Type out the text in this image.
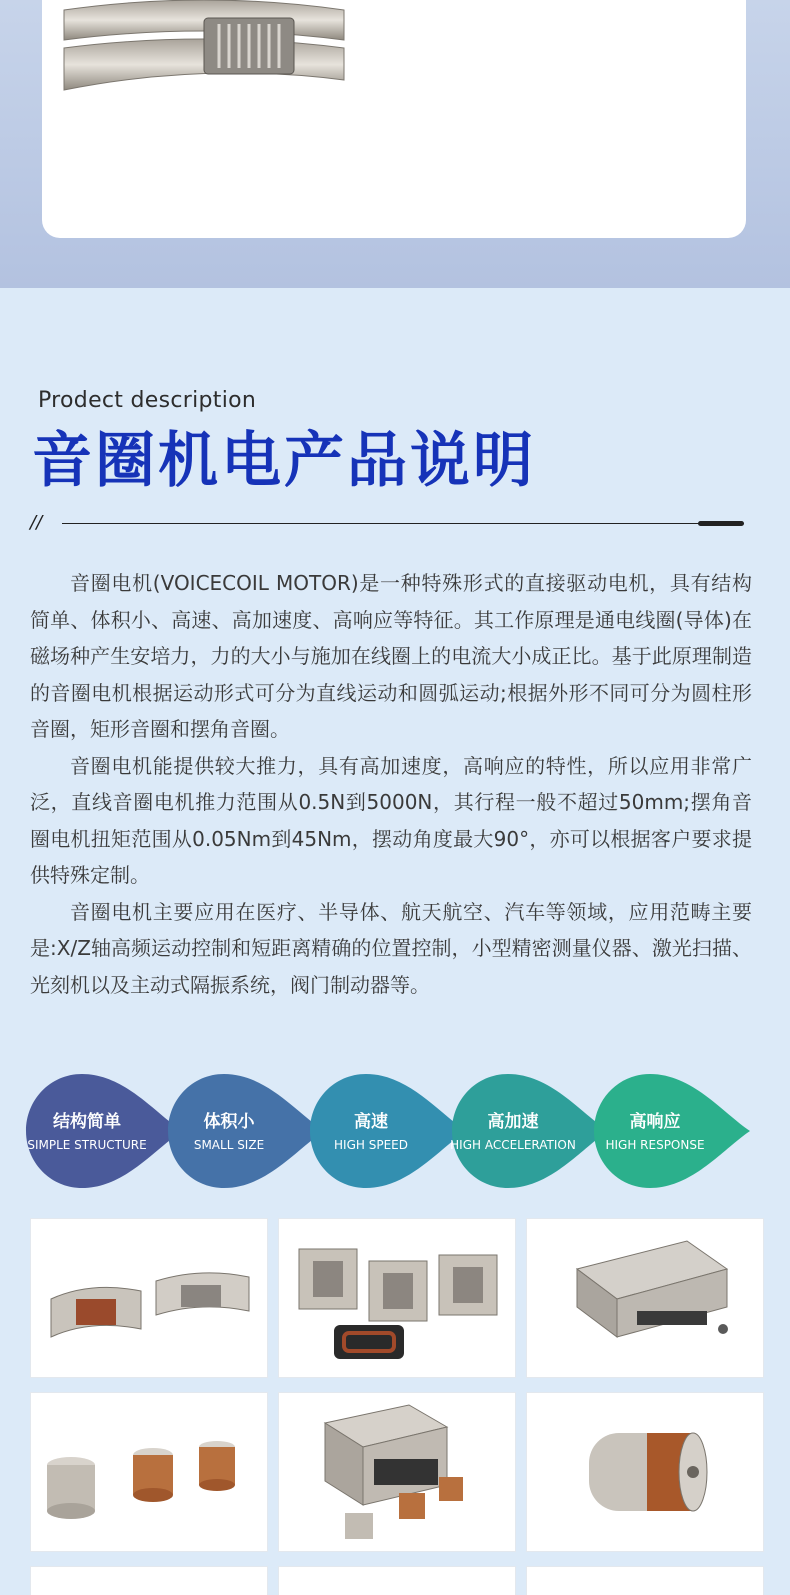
Prodect description
音圈机电产品说明
//

音圈电机(VOICECOIL MOTOR)是一种特殊形式的直接驱动电机，具有结构简单、体积小、高速、高加速度、高响应等特征。其工作原理是通电线圈(导体)在磁场种产生安培力，力的大小与施加在线圈上的电流大小成正比。基于此原理制造的音圈电机根据运动形式可分为直线运动和圆弧运动;根据外形不同可分为圆柱形音圈，矩形音圈和摆角音圈。

音圈电机能提供较大推力，具有高加速度，高响应的特性，所以应用非常广泛，直线音圈电机推力范围从0.5N到5000N，其行程一般不超过50mm;摆角音圈电机扭矩范围从0.05Nm到45Nm，摆动角度最大90°，亦可以根据客户要求提供特殊定制。

音圈电机主要应用在医疗、半导体、航天航空、汽车等领域，应用范畴主要是:X/Z轴高频运动控制和短距离精确的位置控制，小型精密测量仪器、激光扫描、光刻机以及主动式隔振系统，阀门制动器等。

结构简单
SIMPLE STRUCTURE
体积小
SMALL SIZE
高速
HIGH SPEED
高加速
HIGH ACCELERATION
高响应
HIGH RESPONSE
